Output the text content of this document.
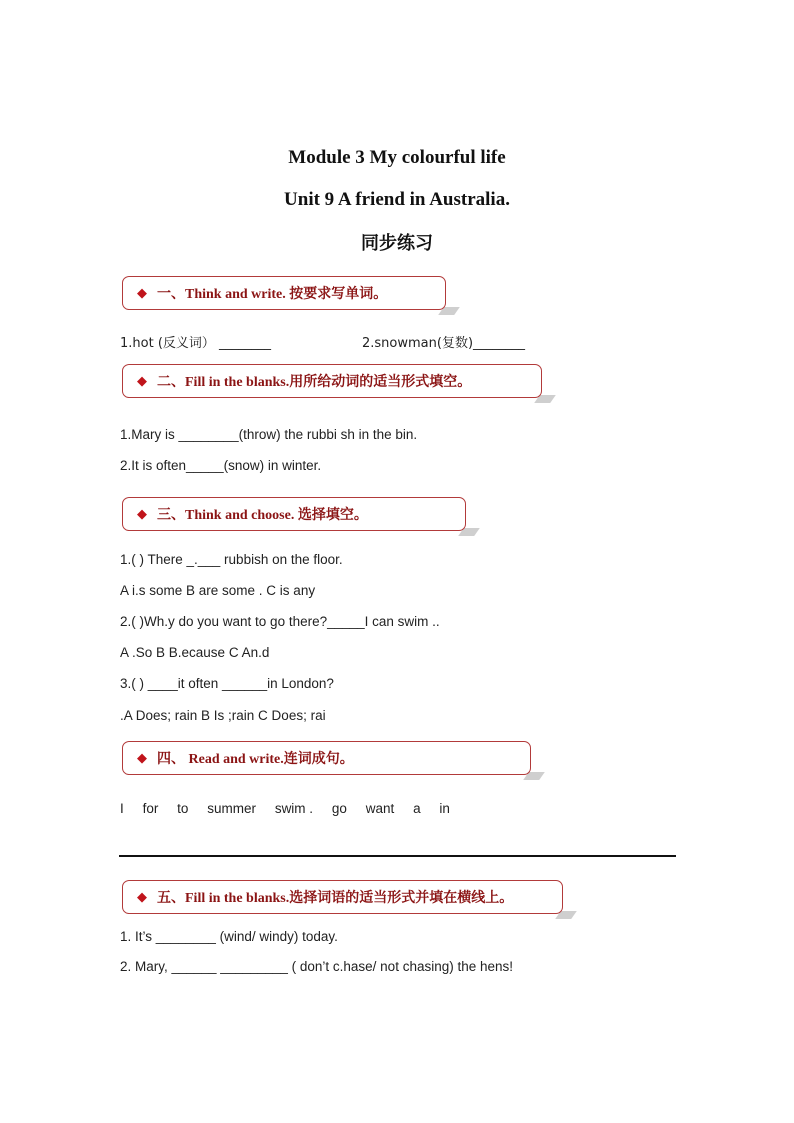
Module 3 My colourful life
Unit 9 A friend in Australia.
同步练习
◆ 一、Think and write.
按要求写单词。
1.hot (反义词） ________	2.snowman(复数)________
◆ 二、Fill in the blanks. 用所给动词的适当形式填空。
1.Mary is ________(throw) the rubbi sh in the bin.
2.It is often_____(snow) in winter.
◆ 三、Think and choose.
选择填空。
1.( ) There _.___ rubbish on the floor.
A i.s some B are some . C is any
2.( )Wh.y do you want to go there?_____I can swim ..
A .So B B.ecause C An.d
3.( ) ____it often ______in London?
.A Does; rain B Is ;rain C Does; rai
◆ 四、 Read and write. 连词成句。
I for to summer swim . go want a in
◆ 五、Fill in the blanks. 选择词语的适当形式并填在横线上。
1. It’s ________ (wind/ windy) today.
2. Mary, ______ _________ ( don’t c.hase/ not chasing) the hens!
